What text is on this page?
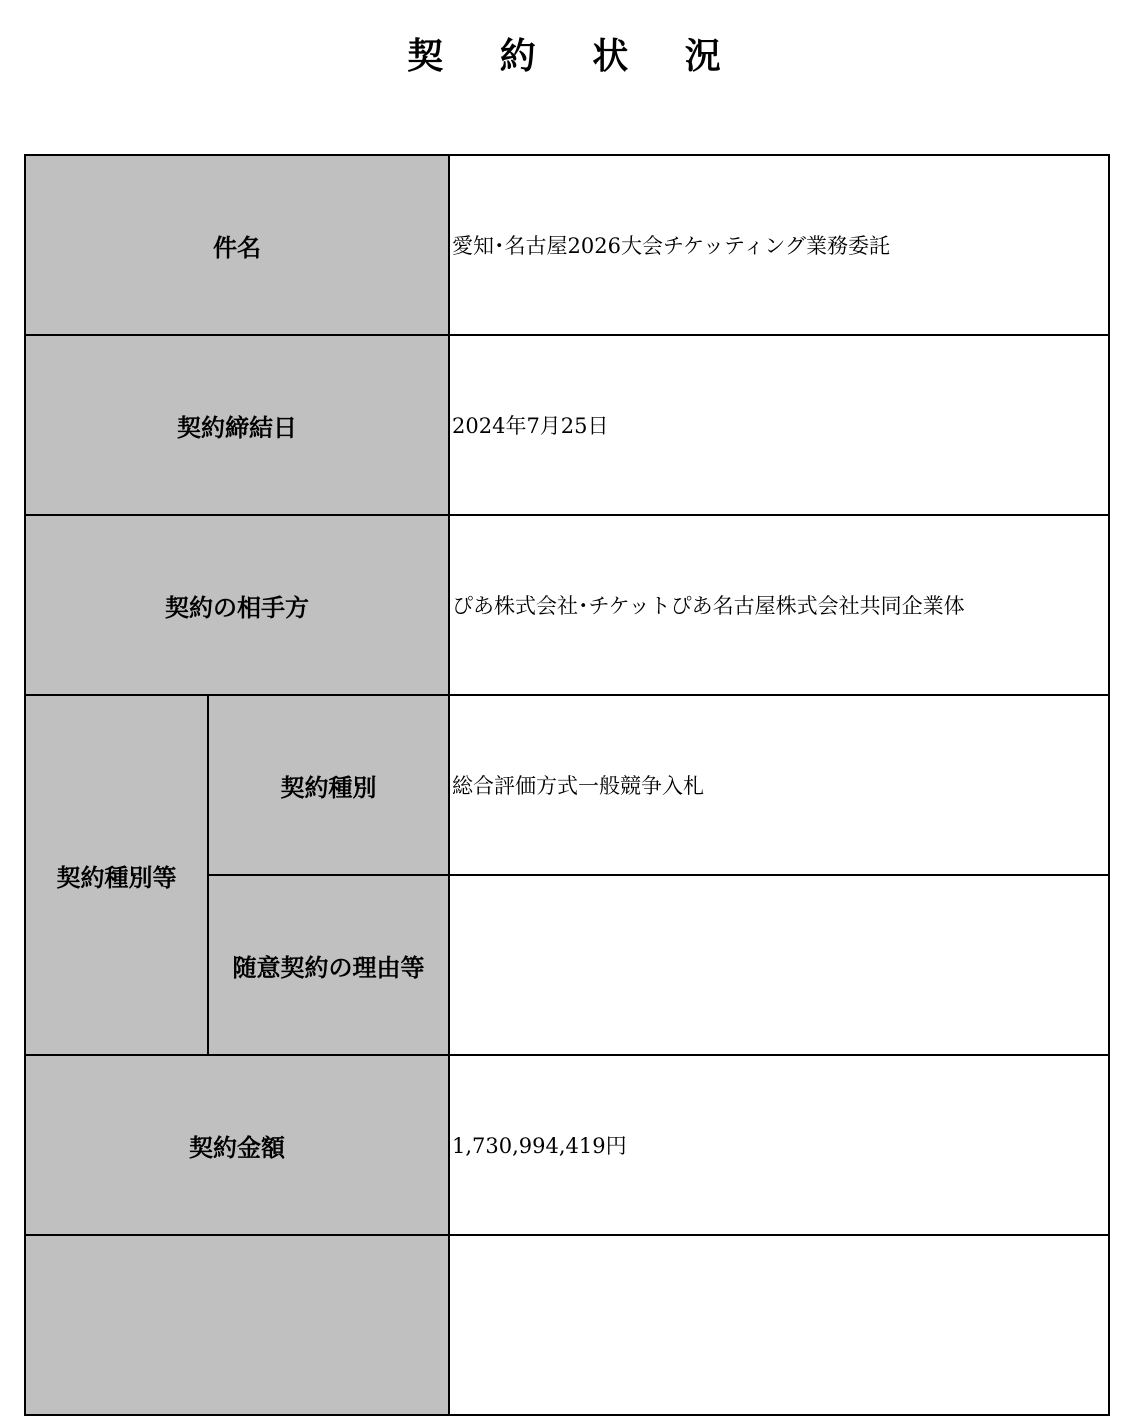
契 約 状 況
件名		愛知･名古屋2026大会チケッティング業務委託
契約締結日		2024年7月25日
契約の相手方		ぴあ株式会社･チケットぴあ名古屋株式会社共同企業体
契約種別等	契約種別	総合評価方式一般競争入札
	随意契約の理由等	
契約金額		1,730,994,419円
